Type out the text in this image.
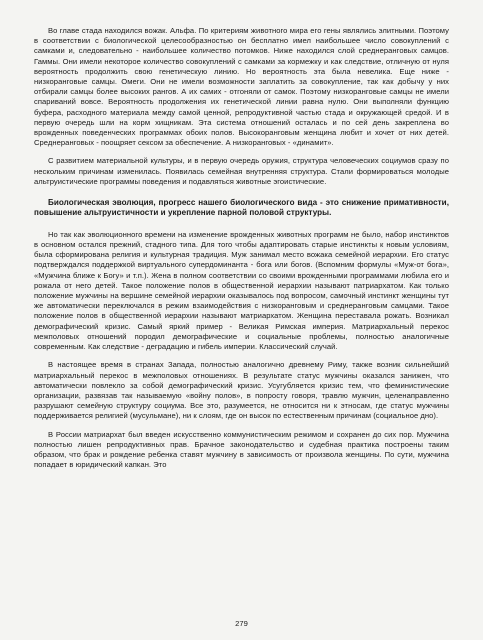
Во главе стада находился вожак. Альфа. По критериям животного мира его гены являлись элитными. Поэтому в соответствии с биологической целесообразностью он бесплатно имел наибольшее число совокуплений с самками и, следовательно - наибольшее количество потомков. Ниже находился слой среднеранговых самцов. Гаммы. Они имели некоторое количество совокуплений с самками за кормежку и как следствие, отличную от нуля вероятность продолжить свою генетическую линию. Но вероятность эта была невелика. Еще ниже - низкоранговые самцы. Омеги. Они не имели возможности заплатить за совокупление, так как добычу у них отбирали самцы более высоких рангов. А их самих - отгоняли от самок. Поэтому низкоранговые самцы не имели спариваний вовсе. Вероятность продолжения их генетической линии равна нулю. Они выполняли функцию буфера, расходного материала между самой ценной, репродуктивной частью стада и окружающей средой. И в первую очередь шли на корм хищникам. Эта система отношений осталась и по сей день закреплена во врожденных поведенческих программах обоих полов. Высокоранговым женщина любит и хочет от них детей. Среднеранговых - поощряет сексом за обеспечение. А низкоранговых - «динамит».

С развитием материальной культуры, и в первую очередь оружия, структура человеческих социумов сразу по нескольким причинам изменилась. Появилась семейная внутренняя структура. Стали формироваться молодые альтруистические программы поведения и подавляться животные эгоистические.

Биологическая эволюция, прогресс нашего биологического вида - это снижение примативности, повышение альтруистичности и укрепление парной половой структуры.

Но так как эволюционного времени на изменение врожденных животных программ не было, набор инстинктов в основном остался прежний, стадного типа. Для того чтобы адаптировать старые инстинкты к новым условиям, была сформирована религия и культурная традиция. Муж занимал место вожака семейной иерархии. Его статус подтверждался поддержкой виртуального супердоминанта - бога или богов. (Вспомним формулы «Муж-от бога», «Мужчина ближе к Богу» и т.п.). Жена в полном соответствии со своими врожденными программами любила его и рожала от него детей. Такое положение полов в общественной иерархии называют патриархатом. Как только положение мужчины на вершине семейной иерархии оказывалось под вопросом, самочный инстинкт женщины тут же автоматически переключался в режим взаимодействия с низкоранговым и среднеранговым самцами. Такое положение полов в общественной иерархии называют матриархатом. Женщина переставала рожать. Возникал демографический кризис. Самый яркий пример - Великая Римская империя. Матриархальный перекос межполовых отношений породил демографические и социальные проблемы, полностью аналогичные современным. Как следствие - деградацию и гибель империи. Классический случай.

В настоящее время в странах Запада, полностью аналогично древнему Риму, также возник сильнейший матриархальный перекос в межполовых отношениях. В результате статус мужчины оказался занижен, что автоматически повлекло за собой демографический кризис. Усугубляется кризис тем, что феминистические организации, развязав так называемую «войну полов», в попросту говоря, травлю мужчин, целенаправленно разрушают семейную структуру социума. Все это, разумеется, не относится ни к этносам, где статус мужчины поддерживается религией (мусульмане), ни к слоям, где он высок по естественным причинам (социальное дно).

В России матриархат был введен искусственно коммунистическим режимом и сохранен до сих пор. Мужчина полностью лишен репродуктивных прав. Брачное законодательство и судебная практика построены таким образом, что брак и рождение ребенка ставят мужчину в зависимость от произвола женщины. По сути, мужчина попадает в юридический капкан. Это

279
